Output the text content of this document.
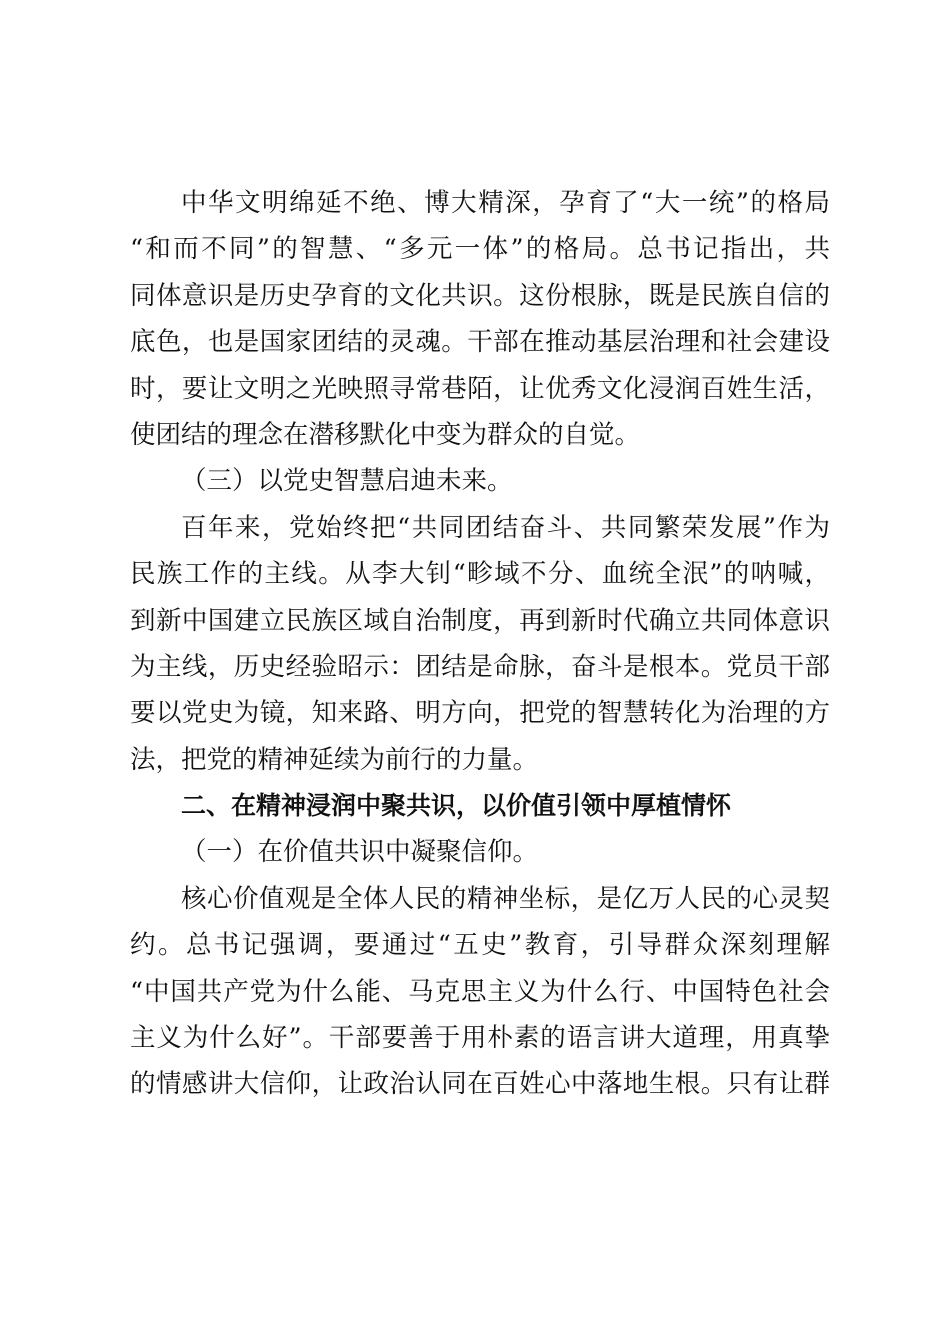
中华文明绵延不绝、博大精深，孕育了“大一统”的格局
“和而不同”的智慧、“多元一体”的格局。总书记指出，共
同体意识是历史孕育的文化共识。这份根脉，既是民族自信的
底色，也是国家团结的灵魂。干部在推动基层治理和社会建设
时，要让文明之光映照寻常巷陌，让优秀文化浸润百姓生活，
使团结的理念在潜移默化中变为群众的自觉。
（三）以党史智慧启迪未来。
百年来，党始终把“共同团结奋斗、共同繁荣发展”作为
民族工作的主线。从李大钊“畛域不分、血统全泯”的呐喊，
到新中国建立民族区域自治制度，再到新时代确立共同体意识
为主线，历史经验昭示：团结是命脉，奋斗是根本。党员干部
要以党史为镜，知来路、明方向，把党的智慧转化为治理的方
法，把党的精神延续为前行的力量。
二、在精神浸润中聚共识，以价值引领中厚植情怀
（一）在价值共识中凝聚信仰。
核心价值观是全体人民的精神坐标，是亿万人民的心灵契
约。总书记强调，要通过“五史”教育，引导群众深刻理解
“中国共产党为什么能、马克思主义为什么行、中国特色社会
主义为什么好”。干部要善于用朴素的语言讲大道理，用真挚
的情感讲大信仰，让政治认同在百姓心中落地生根。只有让群
